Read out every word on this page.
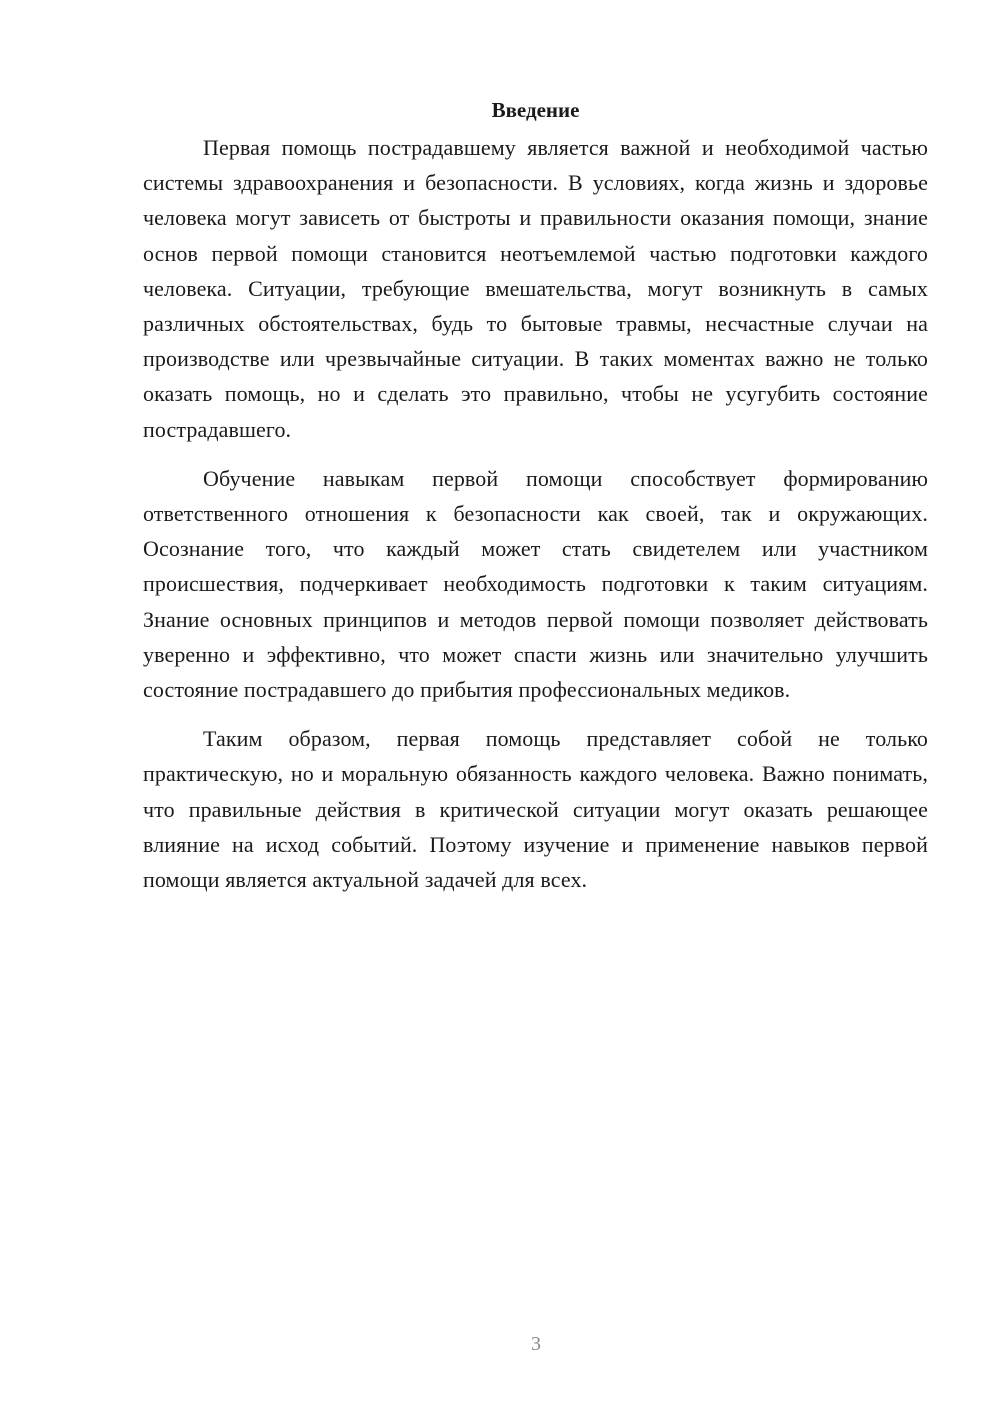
Введение

Первая помощь пострадавшему является важной и необходимой частью системы здравоохранения и безопасности. В условиях, когда жизнь и здоровье человека могут зависеть от быстроты и правильности оказания помощи, знание основ первой помощи становится неотъемлемой частью подготовки каждого человека. Ситуации, требующие вмешательства, могут возникнуть в самых различных обстоятельствах, будь то бытовые травмы, несчастные случаи на производстве или чрезвычайные ситуации. В таких моментах важно не только оказать помощь, но и сделать это правильно, чтобы не усугубить состояние пострадавшего.

Обучение навыкам первой помощи способствует формированию ответственного отношения к безопасности как своей, так и окружающих. Осознание того, что каждый может стать свидетелем или участником происшествия, подчеркивает необходимость подготовки к таким ситуациям. Знание основных принципов и методов первой помощи позволяет действовать уверенно и эффективно, что может спасти жизнь или значительно улучшить состояние пострадавшего до прибытия профессиональных медиков.

Таким образом, первая помощь представляет собой не только практическую, но и моральную обязанность каждого человека. Важно понимать, что правильные действия в критической ситуации могут оказать решающее влияние на исход событий. Поэтому изучение и применение навыков первой помощи является актуальной задачей для всех.

3
